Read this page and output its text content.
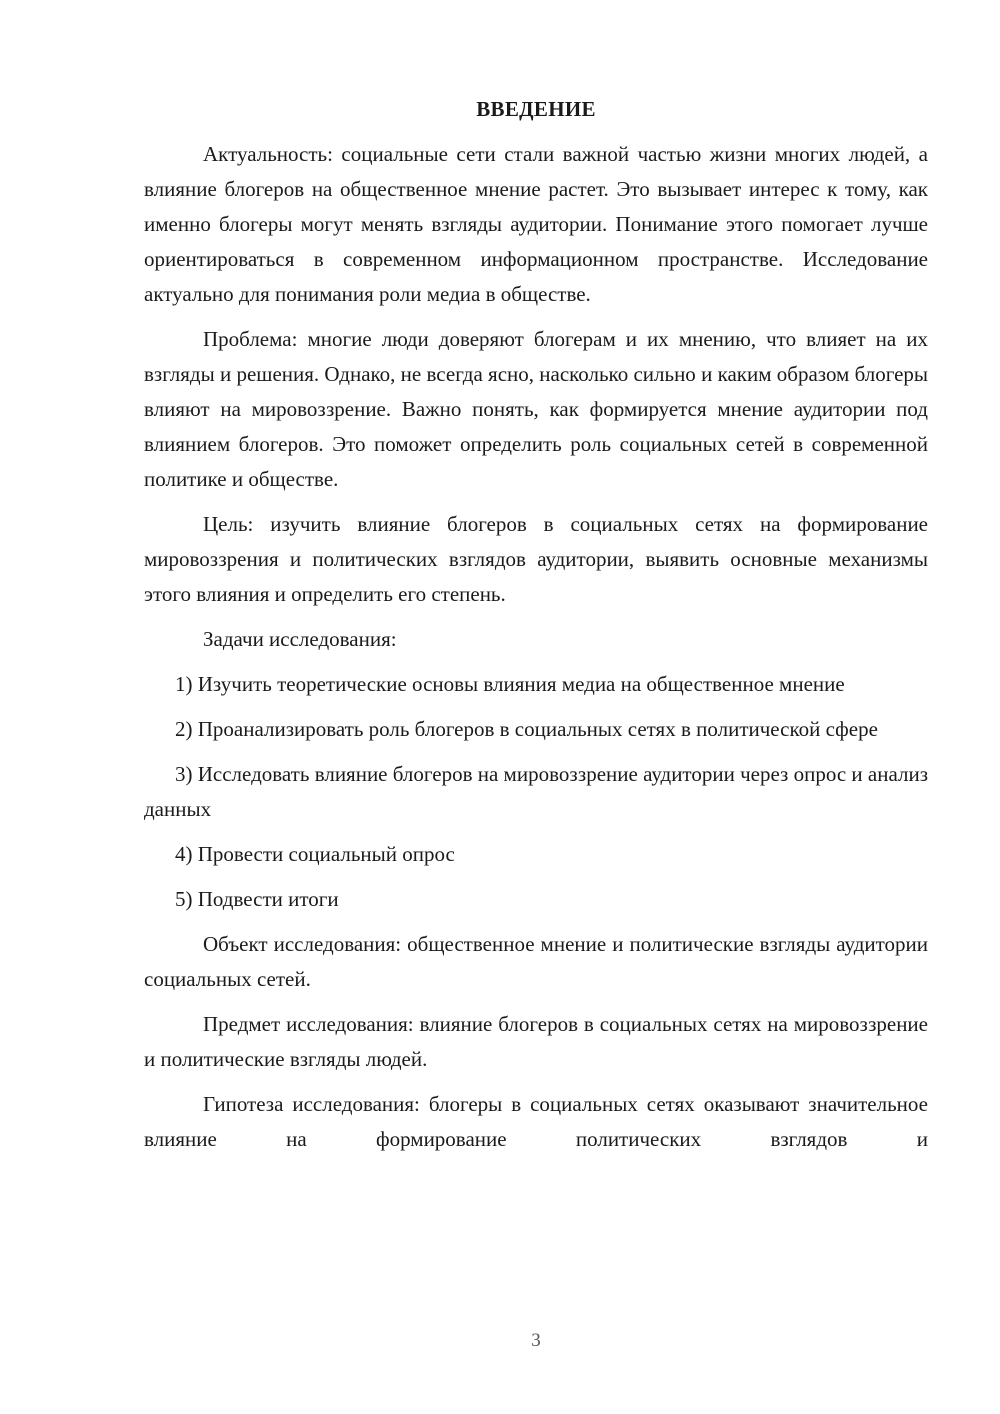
ВВЕДЕНИЕ

Актуальность: социальные сети стали важной частью жизни многих людей, а влияние блогеров на общественное мнение растет. Это вызывает интерес к тому, как именно блогеры могут менять взгляды аудитории. Понимание этого помогает лучше ориентироваться в современном информационном пространстве. Исследование актуально для понимания роли медиа в обществе.

Проблема: многие люди доверяют блогерам и их мнению, что влияет на их взгляды и решения. Однако, не всегда ясно, насколько сильно и каким образом блогеры влияют на мировоззрение. Важно понять, как формируется мнение аудитории под влиянием блогеров. Это поможет определить роль социальных сетей в современной политике и обществе.

Цель: изучить влияние блогеров в социальных сетях на формирование мировоззрения и политических взглядов аудитории, выявить основные механизмы этого влияния и определить его степень.

Задачи исследования:

1) Изучить теоретические основы влияния медиа на общественное мнение

2) Проанализировать роль блогеров в социальных сетях в политической сфере

3) Исследовать влияние блогеров на мировоззрение аудитории через опрос и анализ данных

4) Провести социальный опрос

5) Подвести итоги

Объект исследования: общественное мнение и политические взгляды аудитории социальных сетей.

Предмет исследования: влияние блогеров в социальных сетях на мировоззрение и политические взгляды людей.

Гипотеза исследования: блогеры в социальных сетях оказывают значительное влияние на формирование политических взглядов и

3
